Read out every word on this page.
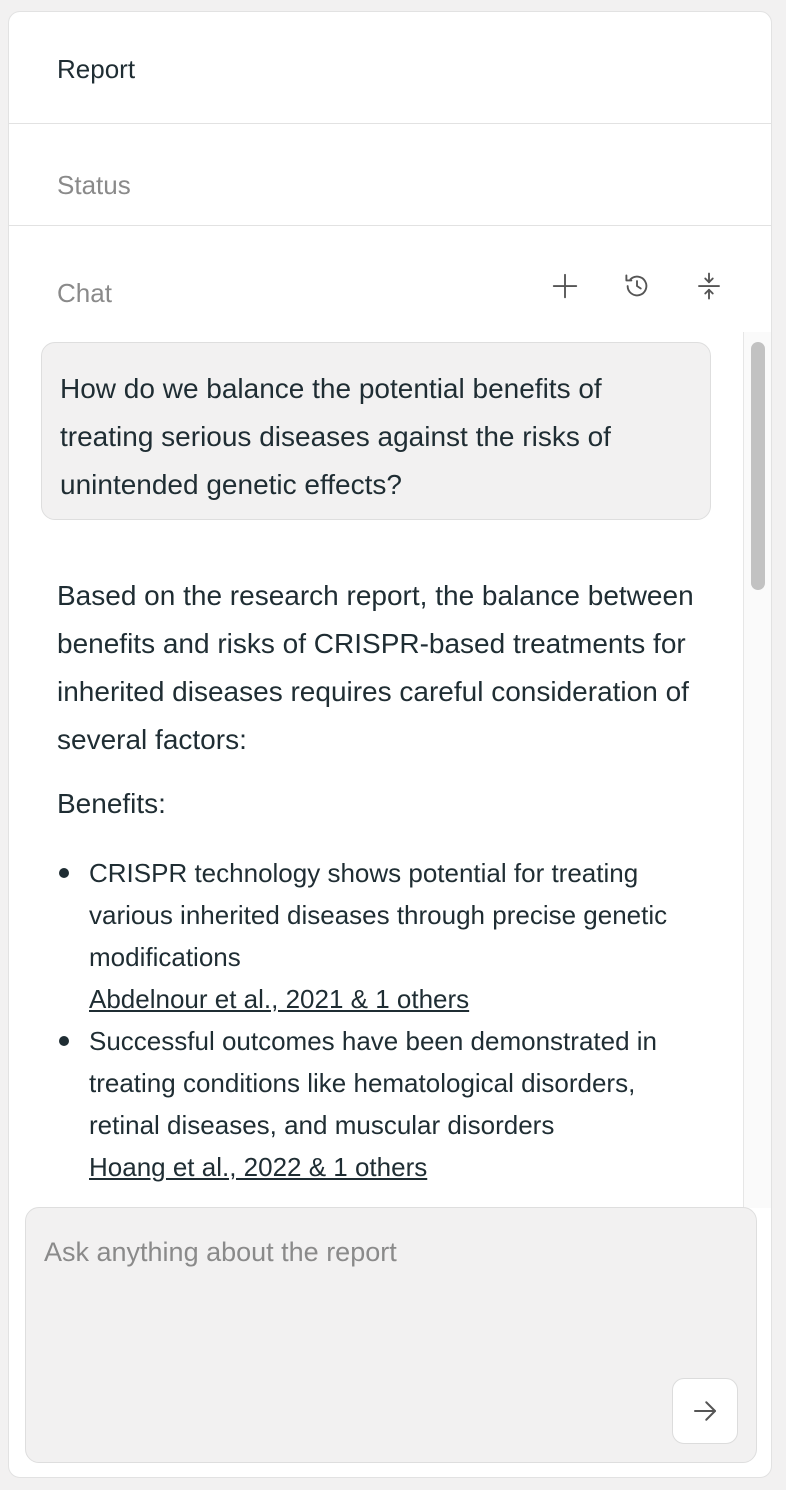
Report
Status
Chat
How do we balance the potential benefits of treating serious diseases against the risks of unintended genetic effects?

Based on the research report, the balance between benefits and risks of CRISPR-based treatments for inherited diseases requires careful consideration of several factors:

Benefits:

CRISPR technology shows potential for treating various inherited diseases through precise genetic modifications
Abdelnour et al., 2021 & 1 others
Successful outcomes have been demonstrated in treating conditions like hematological disorders, retinal diseases, and muscular disorders
Hoang et al., 2022 & 1 others
Ask anything about the report
